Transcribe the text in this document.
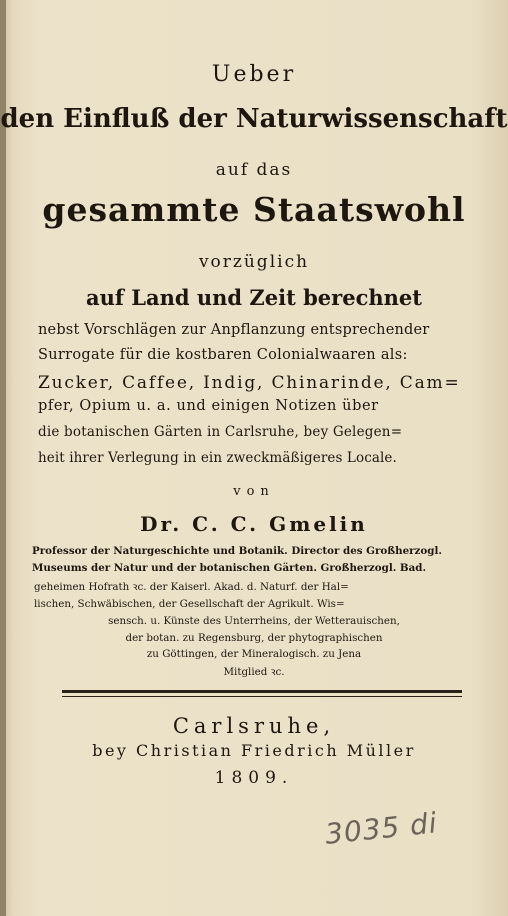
Ueber
den Einfluß der Naturwissenschaft
auf das
gesammte Staatswohl
vorzüglich
auf Land und Zeit berechnet
nebst Vorschlägen zur Anpflanzung entsprechender
Surrogate für die kostbaren Colonialwaaren als:
Zucker, Caffee, Indig, Chinarinde, Cam=
pfer, Opium u. a. und einigen Notizen über
die botanischen Gärten in Carlsruhe, bey Gelegen=
heit ihrer Verlegung in ein zweckmäßigeres Locale.
von
Dr. C. C. Gmelin
Professor der Naturgeschichte und Botanik. Director des Großherzogl.
Museums der Natur und der botanischen Gärten. Großherzogl. Bad.
geheimen Hofrath ꝛc. der Kaiserl. Akad. d. Naturf. der Hal=
lischen, Schwäbischen, der Gesellschaft der Agrikult. Wis=
sensch. u. Künste des Unterrheins, der Wetterauischen,
der botan. zu Regensburg, der phytographischen
zu Göttingen, der Mineralogisch. zu Jena
Mitglied ꝛc.
Carlsruhe,
bey Christian Friedrich Müller
1809.
3035 di
